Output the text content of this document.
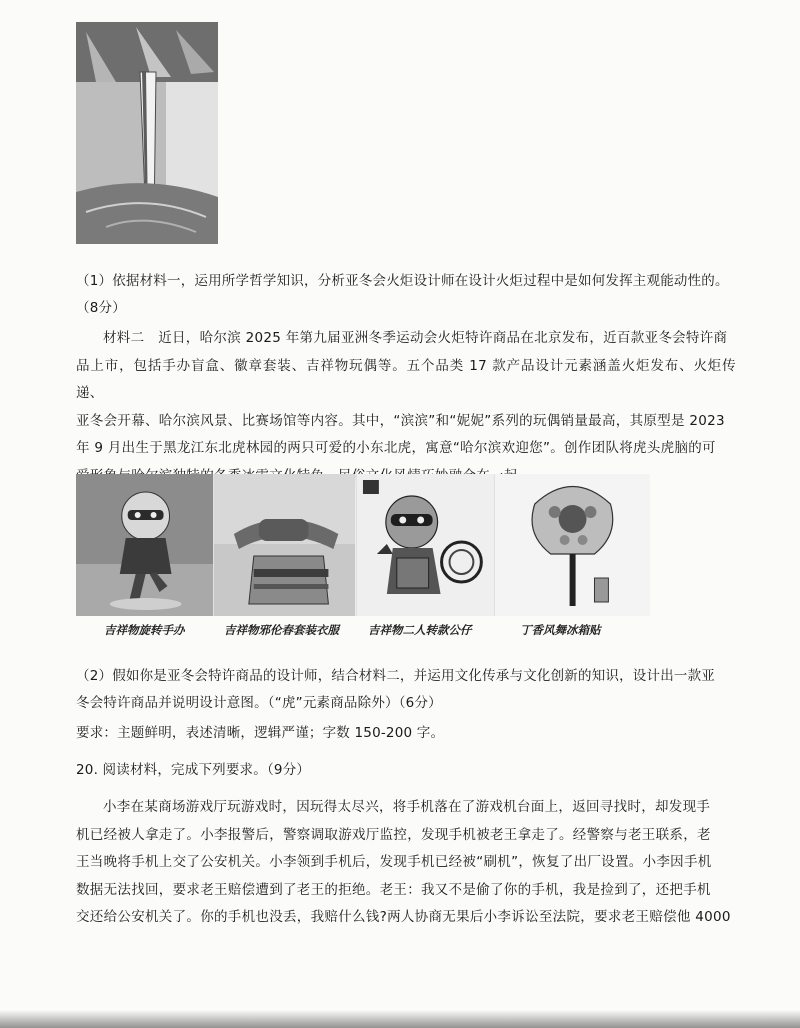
（1）依据材料一，运用所学哲学知识，分析亚冬会火炬设计师在设计火炬过程中是如何发挥主观能动性的。
（8分）
材料二　近日，哈尔滨 2025 年第九届亚洲冬季运动会火炬特许商品在北京发布，近百款亚冬会特许商
品上市，包括手办盲盒、徽章套装、吉祥物玩偶等。五个品类 17 款产品设计元素涵盖火炬发布、火炬传递、
亚冬会开幕、哈尔滨风景、比赛场馆等内容。其中，“滨滨”和“妮妮”系列的玩偶销量最高，其原型是 2023
年 9 月出生于黑龙江东北虎林园的两只可爱的小东北虎，寓意“哈尔滨欢迎您”。创作团队将虎头虎脑的可
吉祥物旋转手办	吉祥物邪伦春套装衣服	吉祥物二人转款公仔	丁香风舞冰箱贴
（2）假如你是亚冬会特许商品的设计师，结合材料二，并运用文化传承与文化创新的知识，设计出一款亚
冬会特许商品并说明设计意图。（“虎”元素商品除外）（6分）
要求：主题鲜明，表述清晰，逻辑严谨；字数 150-200 字。
20. 阅读材料，完成下列要求。（9分）
小李在某商场游戏厅玩游戏时，因玩得太尽兴，将手机落在了游戏机台面上，返回寻找时，却发现手
机已经被人拿走了。小李报警后，警察调取游戏厅监控，发现手机被老王拿走了。经警察与老王联系，老
王当晚将手机上交了公安机关。小李领到手机后，发现手机已经被“刷机”，恢复了出厂设置。小李因手机
数据无法找回，要求老王赔偿遭到了老王的拒绝。老王：我又不是偷了你的手机，我是捡到了，还把手机
交还给公安机关了。你的手机也没丢，我赔什么钱?两人协商无果后小李诉讼至法院，要求老王赔偿他 4000
